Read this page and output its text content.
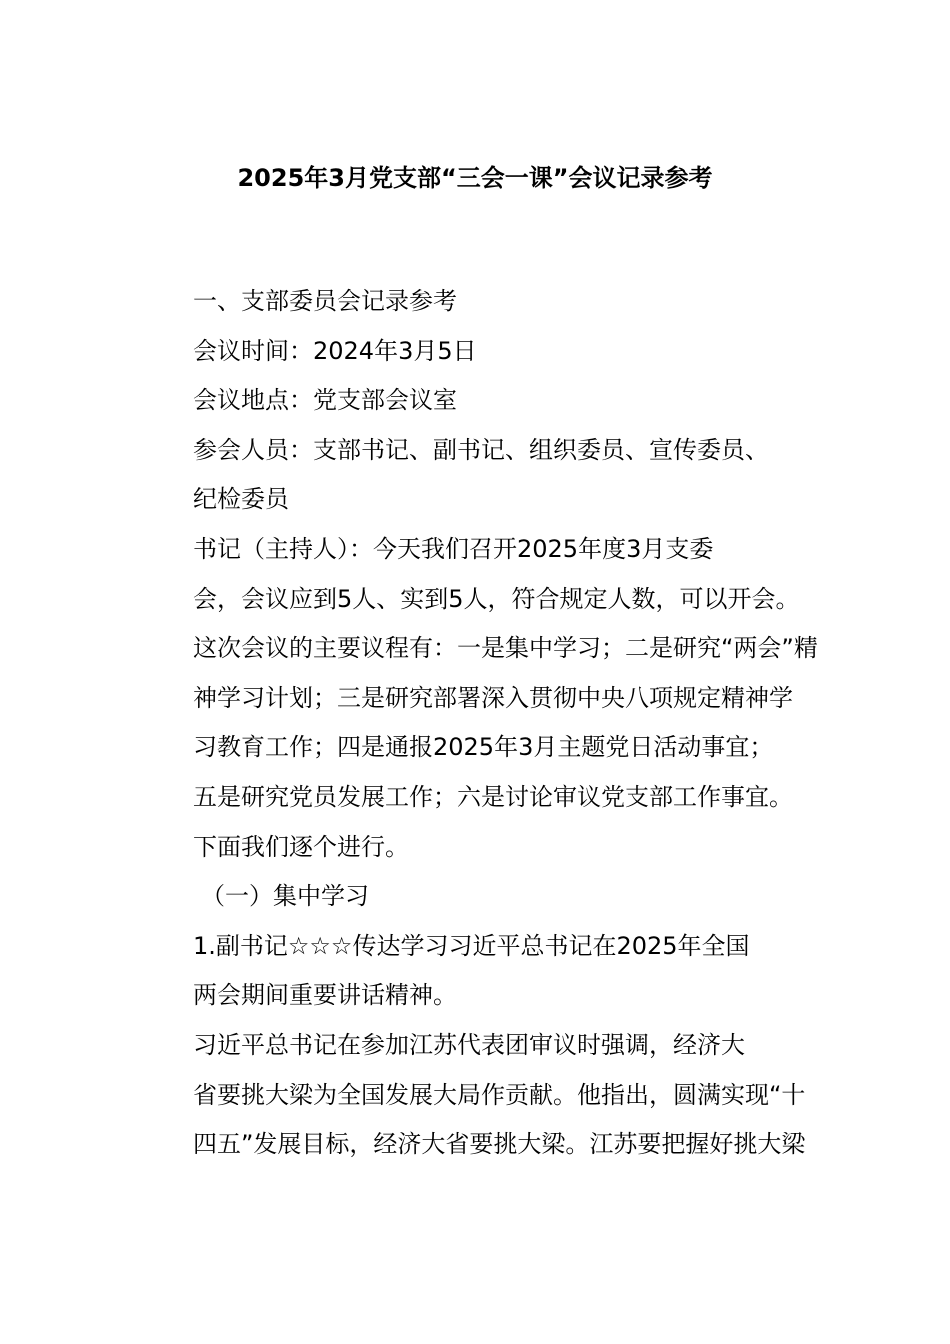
2025年3月党支部“三会一课”会议记录参考

一、支部委员会记录参考

会议时间：2024年3月5日

会议地点：党支部会议室

参会人员：支部书记、副书记、组织委员、宣传委员、
纪检委员

书记（主持人）：今天我们召开2025年度3月支委
会，会议应到5人、实到5人，符合规定人数，可以开会。
这次会议的主要议程有：一是集中学习；二是研究“两会”精
神学习计划；三是研究部署深入贯彻中央八项规定精神学
习教育工作；四是通报2025年3月主题党日活动事宜；
五是研究党员发展工作；六是讨论审议党支部工作事宜。
下面我们逐个进行。

（一）集中学习

1.副书记☆☆☆传达学习习近平总书记在2025年全国
两会期间重要讲话精神。

习近平总书记在参加江苏代表团审议时强调，经济大
省要挑大梁为全国发展大局作贡献。他指出，圆满实现“十
四五”发展目标，经济大省要挑大梁。江苏要把握好挑大梁
